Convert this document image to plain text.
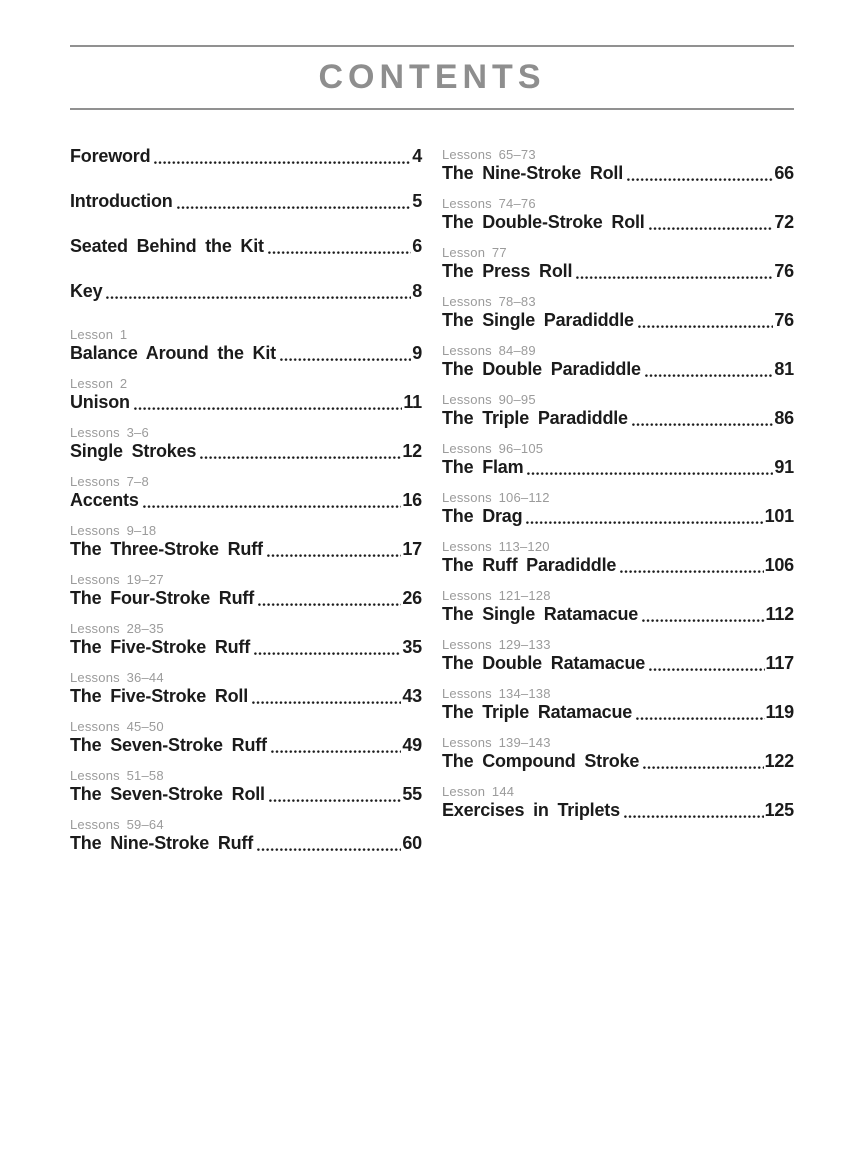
CONTENTS
Foreword	4
Introduction	5
Seated Behind the Kit	6
Key	8
Lesson 1
Balance Around the Kit	9
Lesson 2
Unison	11
Lessons 3–6
Single Strokes	12
Lessons 7–8
Accents	16
Lessons 9–18
The Three-Stroke Ruff	17
Lessons 19–27
The Four-Stroke Ruff	26
Lessons 28–35
The Five-Stroke Ruff	35
Lessons 36–44
The Five-Stroke Roll	43
Lessons 45–50
The Seven-Stroke Ruff	49
Lessons 51–58
The Seven-Stroke Roll	55
Lessons 59–64
The Nine-Stroke Ruff	60
Lessons 65–73
The Nine-Stroke Roll	66
Lessons 74–76
The Double-Stroke Roll	72
Lesson 77
The Press Roll	76
Lessons 78–83
The Single Paradiddle	76
Lessons 84–89
The Double Paradiddle	81
Lessons 90–95
The Triple Paradiddle	86
Lessons 96–105
The Flam	91
Lessons 106–112
The Drag	101
Lessons 113–120
The Ruff Paradiddle	106
Lessons 121–128
The Single Ratamacue	112
Lessons 129–133
The Double Ratamacue	117
Lessons 134–138
The Triple Ratamacue	119
Lessons 139–143
The Compound Stroke	122
Lesson 144
Exercises in Triplets	125
